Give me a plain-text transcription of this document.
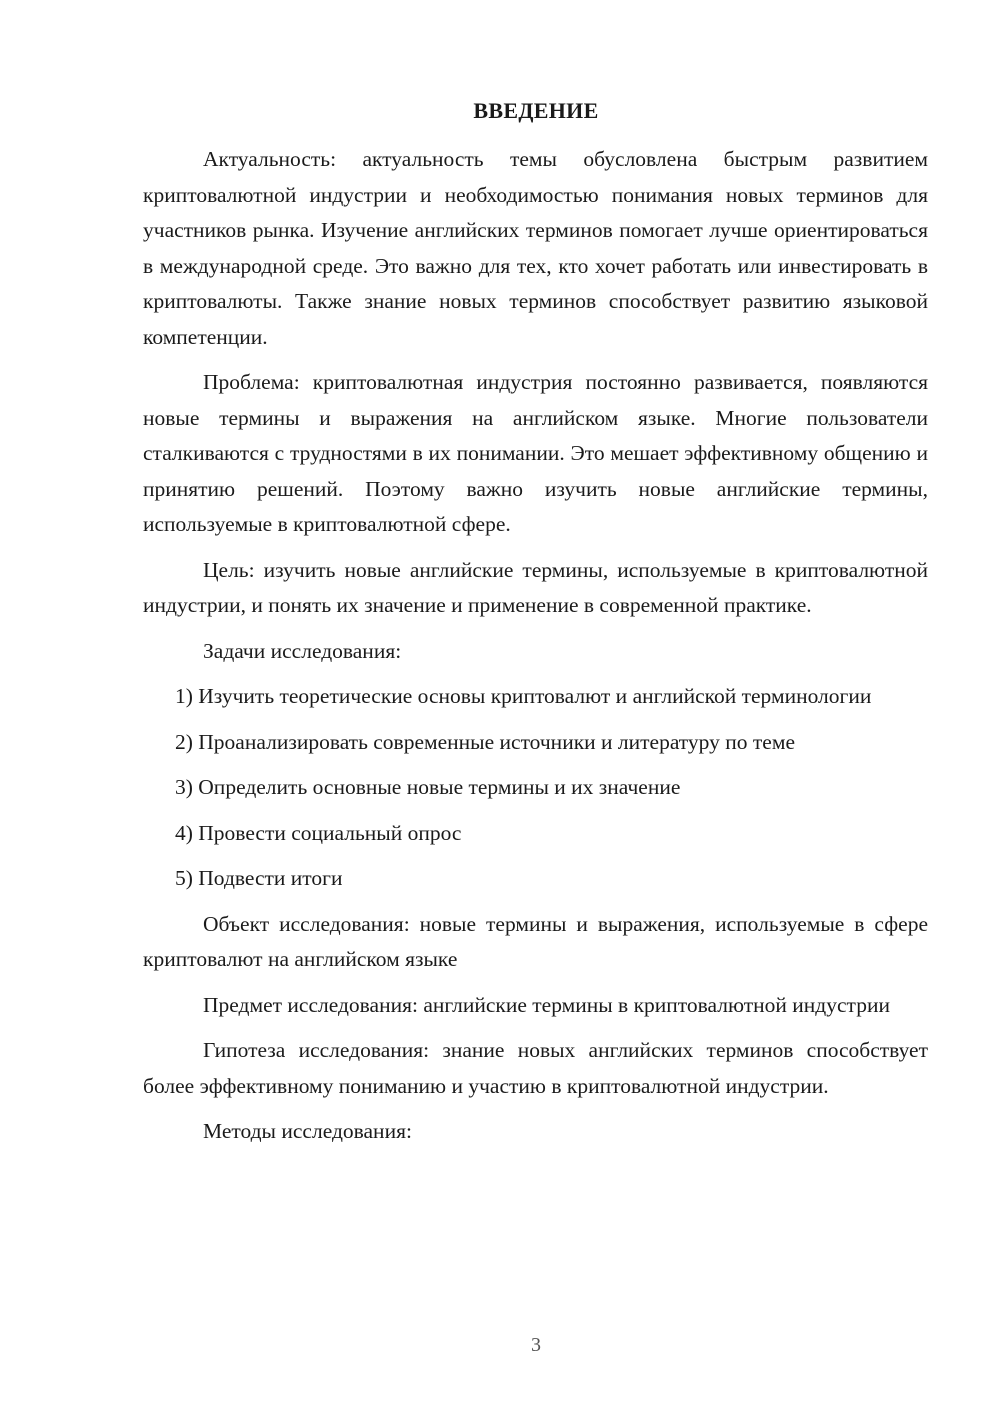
ВВЕДЕНИЕ

Актуальность: актуальность темы обусловлена быстрым развитием криптовалютной индустрии и необходимостью понимания новых терминов для участников рынка. Изучение английских терминов помогает лучше ориентироваться в международной среде. Это важно для тех, кто хочет работать или инвестировать в криптовалюты. Также знание новых терминов способствует развитию языковой компетенции.

Проблема: криптовалютная индустрия постоянно развивается, появляются новые термины и выражения на английском языке. Многие пользователи сталкиваются с трудностями в их понимании. Это мешает эффективному общению и принятию решений. Поэтому важно изучить новые английские термины, используемые в криптовалютной сфере.

Цель: изучить новые английские термины, используемые в криптовалютной индустрии, и понять их значение и применение в современной практике.

Задачи исследования:

1) Изучить теоретические основы криптовалют и английской терминологии

2) Проанализировать современные источники и литературу по теме

3) Определить основные новые термины и их значение

4) Провести социальный опрос

5) Подвести итоги

Объект исследования: новые термины и выражения, используемые в сфере криптовалют на английском языке

Предмет исследования: английские термины в криптовалютной индустрии

Гипотеза исследования: знание новых английских терминов способствует более эффективному пониманию и участию в криптовалютной индустрии.

Методы исследования:

3
